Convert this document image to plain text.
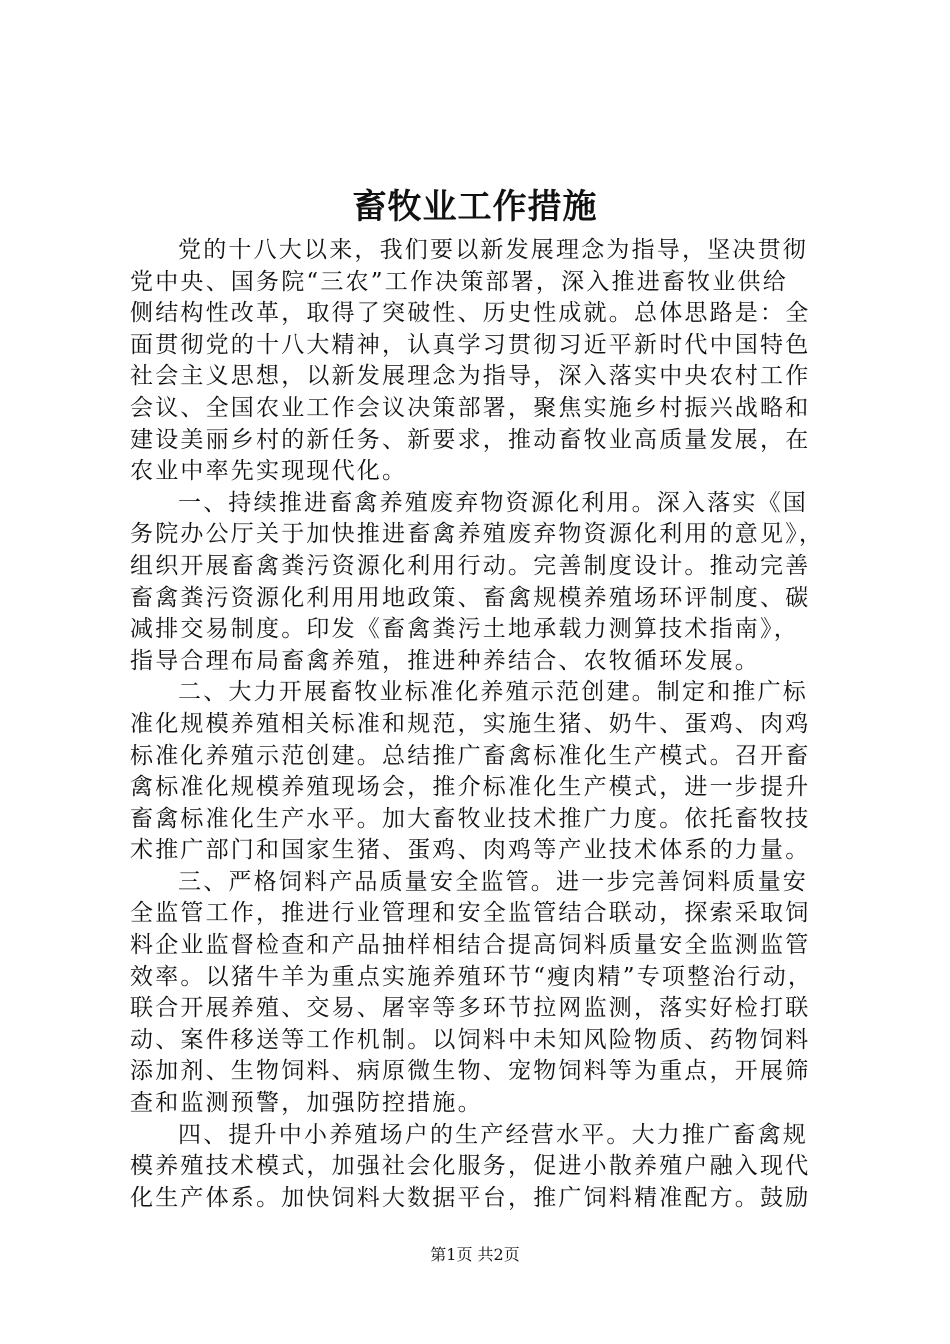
畜牧业工作措施
党的十八大以来，我们要以新发展理念为指导，坚决贯彻
党中央、国务院“三农”工作决策部署，深入推进畜牧业供给
侧结构性改革，取得了突破性、历史性成就。总体思路是：全
面贯彻党的十八大精神，认真学习贯彻习近平新时代中国特色
社会主义思想，以新发展理念为指导，深入落实中央农村工作
会议、全国农业工作会议决策部署，聚焦实施乡村振兴战略和
建设美丽乡村的新任务、新要求，推动畜牧业高质量发展，在
农业中率先实现现代化。
一、持续推进畜禽养殖废弃物资源化利用。深入落实《国
务院办公厅关于加快推进畜禽养殖废弃物资源化利用的意见》，
组织开展畜禽粪污资源化利用行动。完善制度设计。推动完善
畜禽粪污资源化利用用地政策、畜禽规模养殖场环评制度、碳
减排交易制度。印发《畜禽粪污土地承载力测算技术指南》，
指导合理布局畜禽养殖，推进种养结合、农牧循环发展。
二、大力开展畜牧业标准化养殖示范创建。制定和推广标
准化规模养殖相关标准和规范，实施生猪、奶牛、蛋鸡、肉鸡
标准化养殖示范创建。总结推广畜禽标准化生产模式。召开畜
禽标准化规模养殖现场会，推介标准化生产模式，进一步提升
畜禽标准化生产水平。加大畜牧业技术推广力度。依托畜牧技
术推广部门和国家生猪、蛋鸡、肉鸡等产业技术体系的力量。
三、严格饲料产品质量安全监管。进一步完善饲料质量安
全监管工作，推进行业管理和安全监管结合联动，探索采取饲
料企业监督检查和产品抽样相结合提高饲料质量安全监测监管
效率。以猪牛羊为重点实施养殖环节“瘦肉精”专项整治行动，
联合开展养殖、交易、屠宰等多环节拉网监测，落实好检打联
动、案件移送等工作机制。以饲料中未知风险物质、药物饲料
添加剂、生物饲料、病原微生物、宠物饲料等为重点，开展筛
查和监测预警，加强防控措施。
四、提升中小养殖场户的生产经营水平。大力推广畜禽规
模养殖技术模式，加强社会化服务，促进小散养殖户融入现代
化生产体系。加快饲料大数据平台，推广饲料精准配方。鼓励
第1页 共2页
